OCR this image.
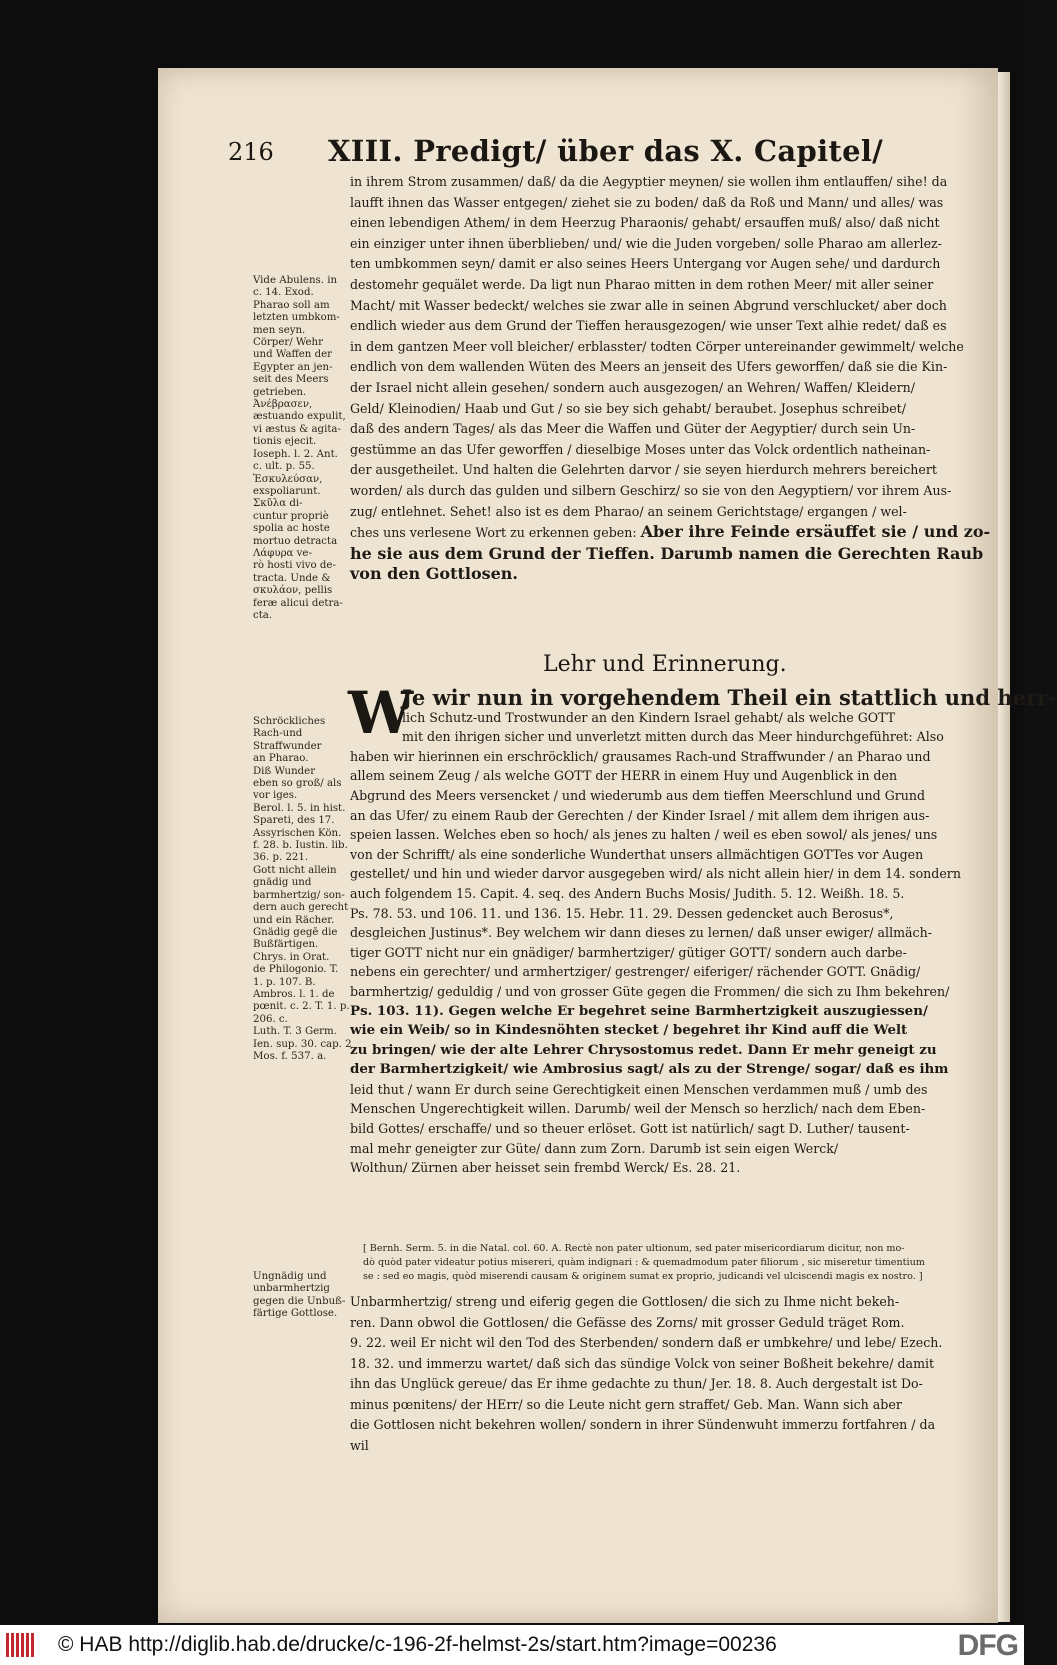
216 XIII. Predigt/ über das X. Capitel/
Vide Abulens. in
c. 14. Exod.
Pharao soll am
letzten umbkom-
men seyn.
Cörper/ Wehr
und Waffen der
Egypter an jen-
seit des Meers
getrieben.
Ἀνέβρασεν,
æstuando expulit,
vi æstus & agita-
tionis ejecit.
Ioseph. l. 2. Ant.
c. ult. p. 55.
Ἐσκυλεύσαν,
exspoliarunt.
Σκῦλα di-
cuntur propriè
spolia ac hoste
mortuo detracta
Λάφυρα ve-
rò hosti vivo de-
tracta. Unde &
σκυλάον, pellis
feræ alicui detra-
cta.
Schröckliches
Rach-und
Straffwunder
an Pharao.
Diß Wunder
eben so groß/ als
vor iges.
Berol. l. 5. in hist.
Spareti, des 17.
Assyrischen Kön.
f. 28. b. Iustin. lib.
36. p. 221.
Gott nicht allein
gnädig und
barmhertzig/ son-
dern auch gerecht
und ein Rächer.
Gnädig gegē die
Bußfärtigen.
Chrys. in Orat.
de Philogonio. T.
1. p. 107. B.
Ambros. l. 1. de
pœnit. c. 2. T. 1. p.
206. c.
Luth. T. 3 Germ.
Ien. sup. 30. cap. 2
Mos. f. 537. a.
Ungnädig und
unbarmhertzig
gegen die Unbuß-
färtige Gottlose.
in ihrem Strom zusammen/ daß/ da die Aegyptier meynen/ sie wollen ihm entlauffen/ sihe! da
laufft ihnen das Wasser entgegen/ ziehet sie zu boden/ daß da Roß und Mann/ und alles/ was
einen lebendigen Athem/ in dem Heerzug Pharaonis/ gehabt/ ersauffen muß/ also/ daß nicht
ein einziger unter ihnen überblieben/ und/ wie die Juden vorgeben/ solle Pharao am allerlez-
ten umbkommen seyn/ damit er also seines Heers Untergang vor Augen sehe/ und dardurch
destomehr gequälet werde. Da ligt nun Pharao mitten in dem rothen Meer/ mit aller seiner
Macht/ mit Wasser bedeckt/ welches sie zwar alle in seinen Abgrund verschlucket/ aber doch
endlich wieder aus dem Grund der Tieffen herausgezogen/ wie unser Text alhie redet/ daß es
in dem gantzen Meer voll bleicher/ erblasster/ todten Cörper untereinander gewimmelt/ welche
endlich von dem wallenden Wüten des Meers an jenseit des Ufers geworffen/ daß sie die Kin-
der Israel nicht allein gesehen/ sondern auch ausgezogen/ an Wehren/ Waffen/ Kleidern/
Geld/ Kleinodien/ Haab und Gut / so sie bey sich gehabt/ beraubet. Josephus schreibet/
daß des andern Tages/ als das Meer die Waffen und Güter der Aegyptier/ durch sein Un-
gestümme an das Ufer geworffen / dieselbige Moses unter das Volck ordentlich natheinan-
der ausgetheilet. Und halten die Gelehrten darvor / sie seyen hierdurch mehrers bereichert
worden/ als durch das gulden und silbern Geschirz/ so sie von den Aegyptiern/ vor ihrem Aus-
zug/ entlehnet. Sehet! also ist es dem Pharao/ an seinem Gerichtstage/ ergangen / wel-
ches uns verlesene Wort zu erkennen geben: Aber ihre Feinde ersäuffet sie / und zo-
he sie aus dem Grund der Tieffen. Darumb namen die Gerechten Raub
von den Gottlosen.
Lehr und Erinnerung.
W
Je wir nun in vorgehendem Theil ein stattlich und herr-
lich Schutz-und Trostwunder an den Kindern Israel gehabt/ als welche GOTT
mit den ihrigen sicher und unverletzt mitten durch das Meer hindurchgeführet: Also
haben wir hierinnen ein erschröcklich/ grausames Rach-und Straffwunder / an Pharao und
allem seinem Zeug / als welche GOTT der HERR in einem Huy und Augenblick in den
Abgrund des Meers versencket / und wiederumb aus dem tieffen Meerschlund und Grund
an das Ufer/ zu einem Raub der Gerechten / der Kinder Israel / mit allem dem ihrigen aus-
speien lassen. Welches eben so hoch/ als jenes zu halten / weil es eben sowol/ als jenes/ uns
von der Schrifft/ als eine sonderliche Wunderthat unsers allmächtigen GOTTes vor Augen
gestellet/ und hin und wieder darvor ausgegeben wird/ als nicht allein hier/ in dem 14. sondern
auch folgendem 15. Capit. 4. seq. des Andern Buchs Mosis/ Judith. 5. 12. Weißh. 18. 5.
Ps. 78. 53. und 106. 11. und 136. 15. Hebr. 11. 29. Dessen gedencket auch Berosus*,
desgleichen Justinus*. Bey welchem wir dann dieses zu lernen/ daß unser ewiger/ allmäch-
tiger GOTT nicht nur ein gnädiger/ barmhertziger/ gütiger GOTT/ sondern auch darbe-
nebens ein gerechter/ und armhertziger/ gestrenger/ eiferiger/ rächender GOTT. Gnädig/
barmhertzig/ geduldig / und von grosser Güte gegen die Frommen/ die sich zu Ihm bekehren/
Ps. 103. 11). Gegen welche Er begehret seine Barmhertzigkeit auszugiessen/
wie ein Weib/ so in Kindesnöhten stecket / begehret ihr Kind auff die Welt
zu bringen/ wie der alte Lehrer Chrysostomus redet. Dann Er mehr geneigt zu
der Barmhertzigkeit/ wie Ambrosius sagt/ als zu der Strenge/ sogar/ daß es ihm
leid thut / wann Er durch seine Gerechtigkeit einen Menschen verdammen muß / umb des
Menschen Ungerechtigkeit willen. Darumb/ weil der Mensch so herzlich/ nach dem Eben-
bild Gottes/ erschaffe/ und so theuer erlöset. Gott ist natürlich/ sagt D. Luther/ tausent-
mal mehr geneigter zur Güte/ dann zum Zorn. Darumb ist sein eigen Werck/
Wolthun/ Zürnen aber heisset sein frembd Werck/ Es. 28. 21.
[ Bernh. Serm. 5. in die Natal. col. 60. A. Rectè non pater ultionum, sed pater misericordiarum dicitur, non mo-
dò quòd pater videatur potius misereri, quàm indignari : & quemadmodum pater filiorum , sic miseretur timentium
se : sed eo magis, quòd miserendi causam & originem sumat ex proprio, judicandi vel ulciscendi magis ex nostro. ]
Unbarmhertzig/ streng und eiferig gegen die Gottlosen/ die sich zu Ihme nicht bekeh-
ren. Dann obwol die Gottlosen/ die Gefässe des Zorns/ mit grosser Geduld träget Rom.
9. 22. weil Er nicht wil den Tod des Sterbenden/ sondern daß er umbkehre/ und lebe/ Ezech.
18. 32. und immerzu wartet/ daß sich das sündige Volck von seiner Boßheit bekehre/ damit
ihn das Unglück gereue/ das Er ihme gedachte zu thun/ Jer. 18. 8. Auch dergestalt ist Do-
minus pœnitens/ der HErr/ so die Leute nicht gern straffet/ Geb. Man. Wann sich aber
die Gottlosen nicht bekehren wollen/ sondern in ihrer Sündenwuht immerzu fortfahren / da
wil
© HAB http://diglib.hab.de/drucke/c-196-2f-helmst-2s/start.htm?image=00236	DFG
